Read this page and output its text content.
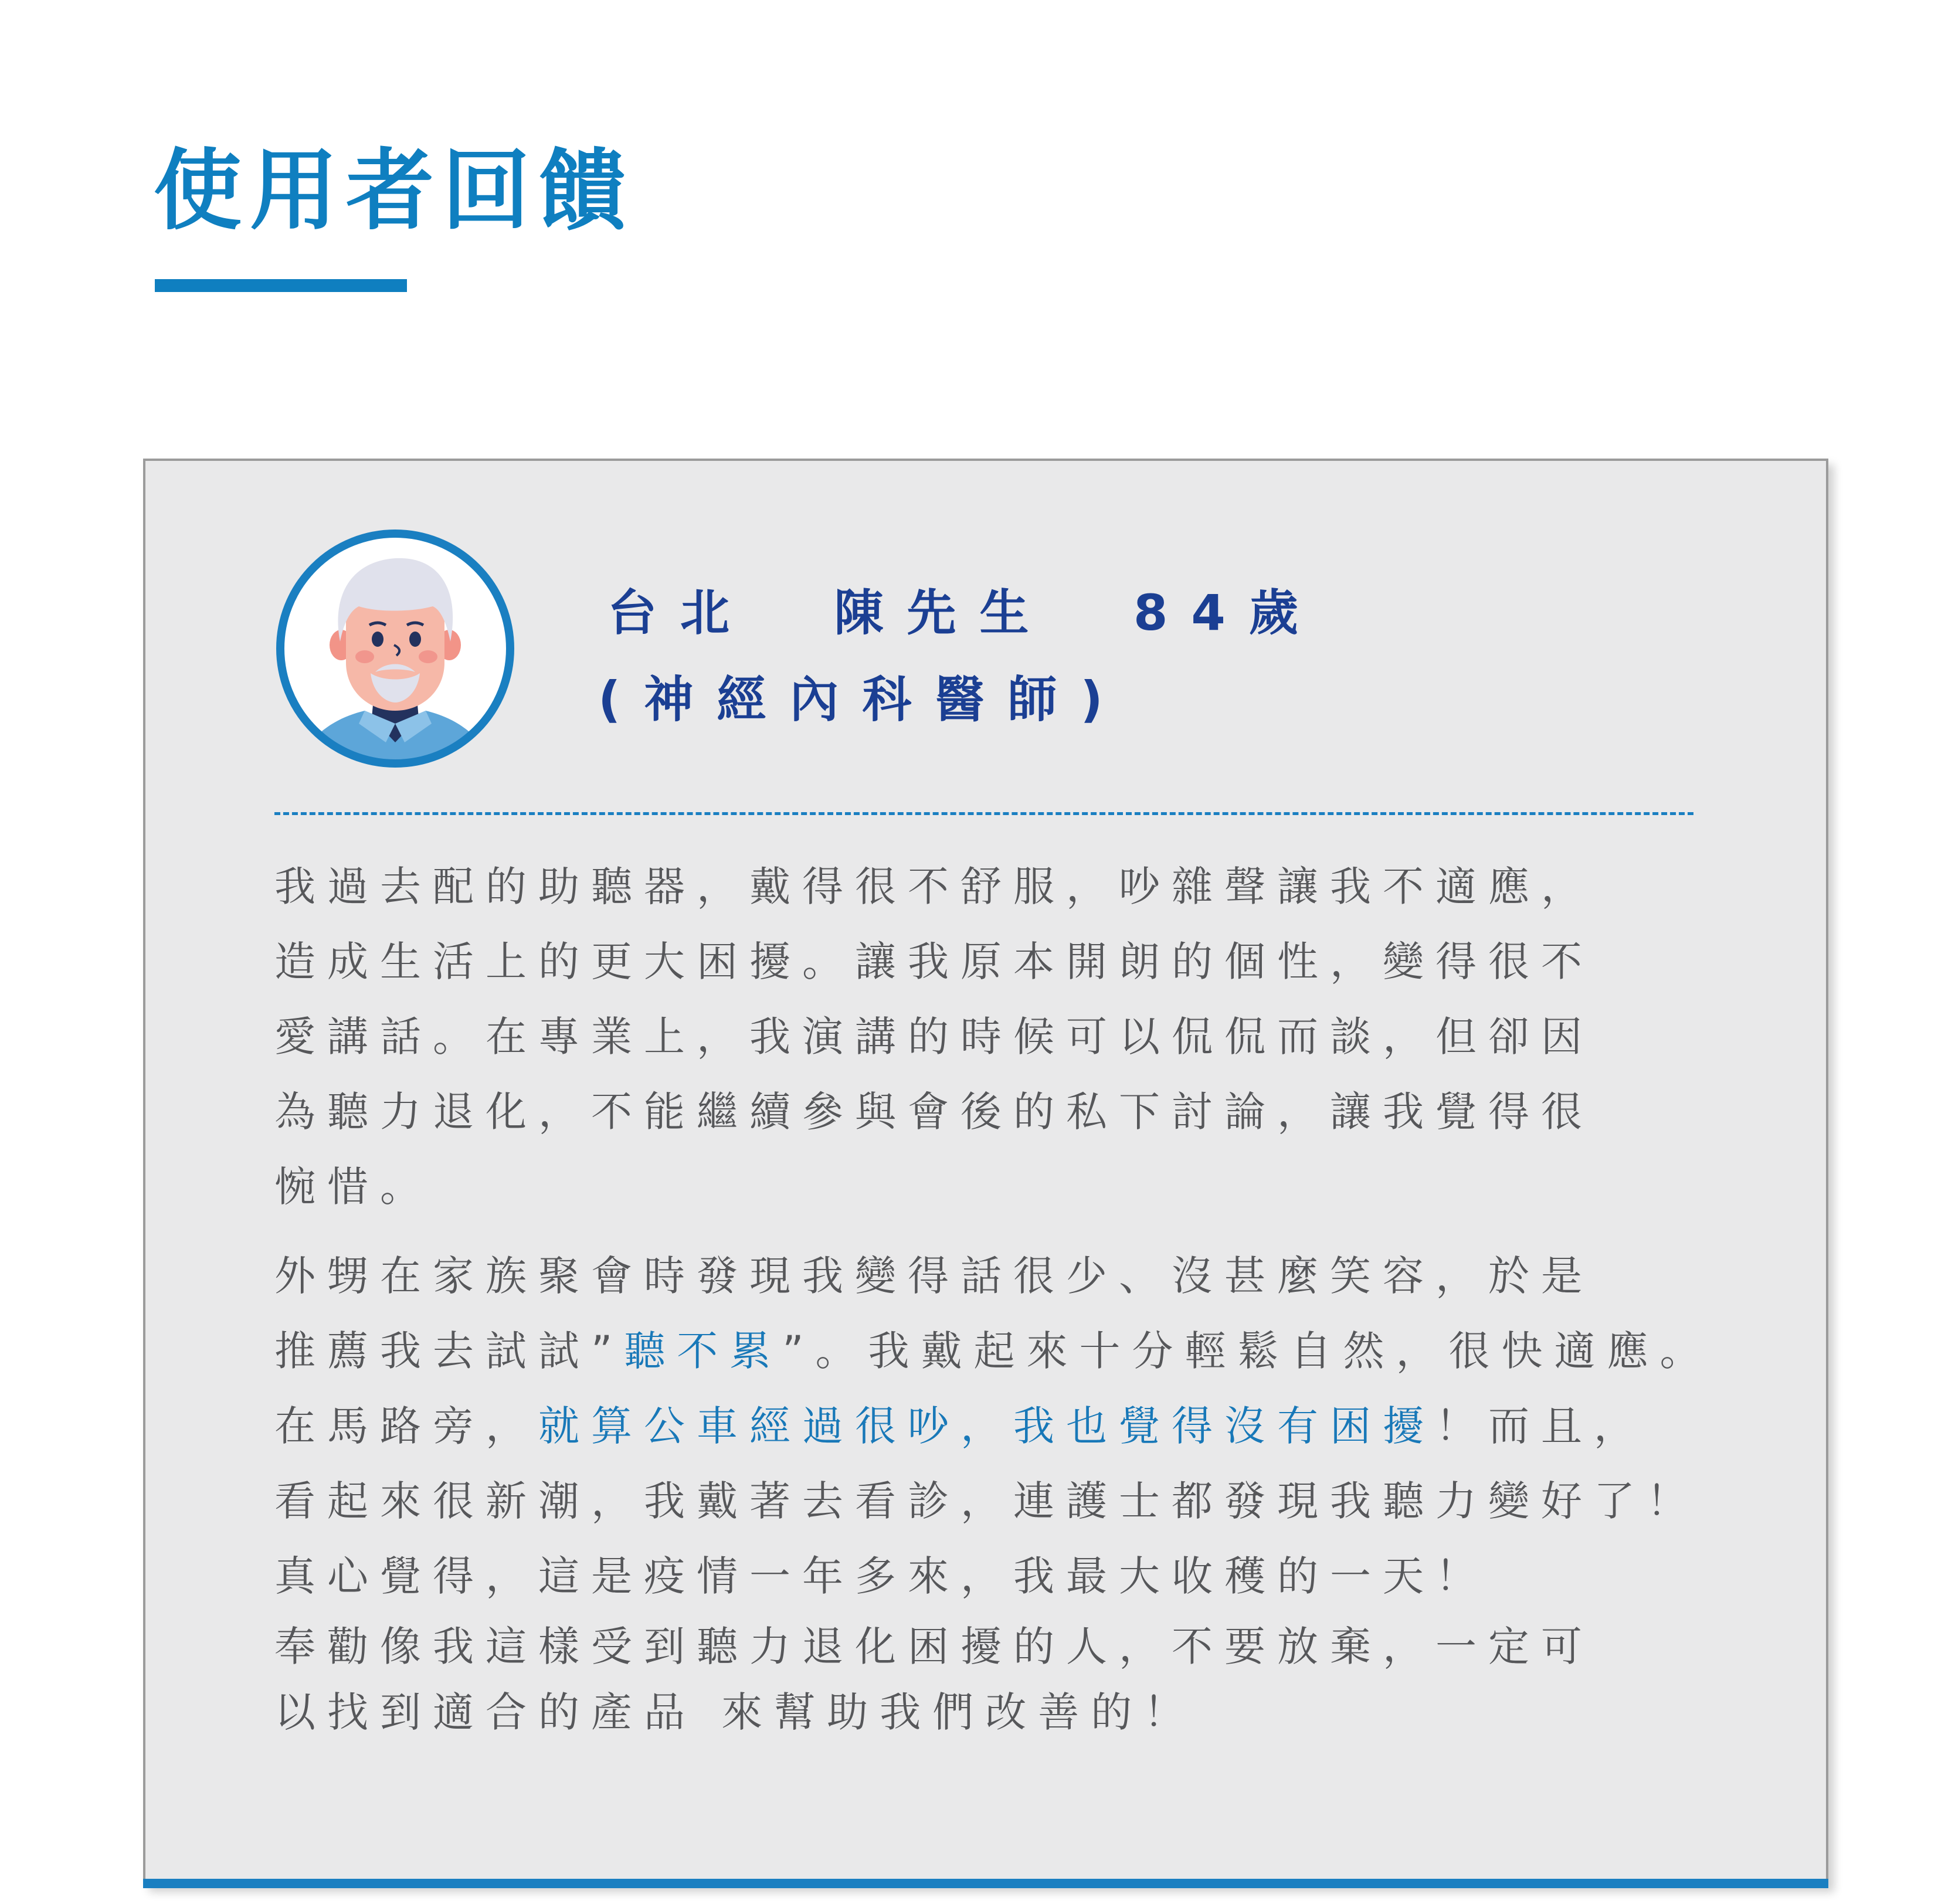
使用者回饋
台北  陳先生  84歲
(神經內科醫師)

我過去配的助聽器，戴得很不舒服，吵雜聲讓我不適應，
造成生活上的更大困擾。讓我原本開朗的個性，變得很不
愛講話。在專業上，我演講的時候可以侃侃而談，但卻因
為聽力退化，不能繼續參與會後的私下討論，讓我覺得很
惋惜。

外甥在家族聚會時發現我變得話很少、沒甚麼笑容，於是
推薦我去試試”聽不累”。我戴起來十分輕鬆自然，很快適應。
在馬路旁，就算公車經過很吵，我也覺得沒有困擾！而且，
看起來很新潮，我戴著去看診，連護士都發現我聽力變好了！
真心覺得，這是疫情一年多來，我最大收穫的一天！

奉勸像我這樣受到聽力退化困擾的人，不要放棄，一定可
以找到適合的產品 來幫助我們改善的！
